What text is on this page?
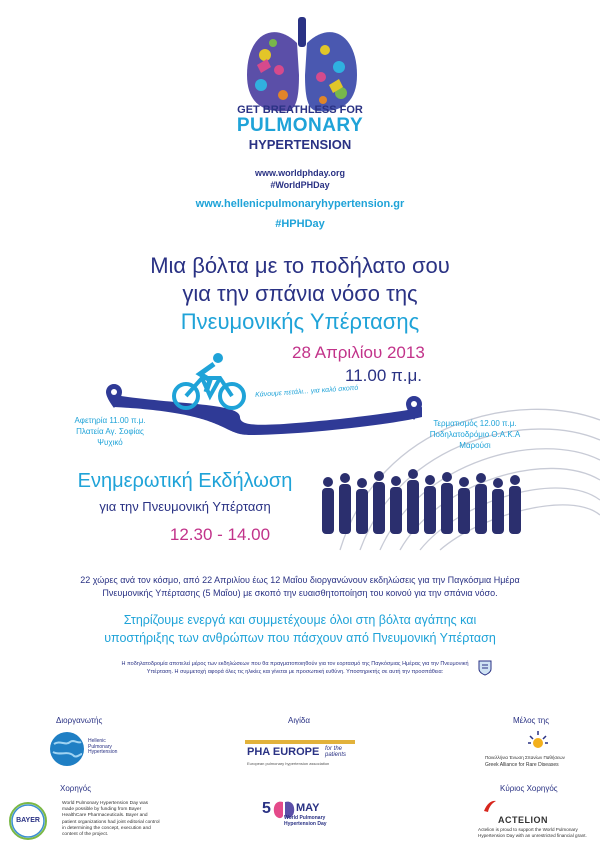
GET BREATHLESS FOR
PULMONARY
HYPERTENSION
www.worldphday.org
#WorldPHDay
www.hellenicpulmonaryhypertension.gr
#HPHDay
Μια βόλτα με το ποδήλατο σου
για την σπάνια νόσο της
Πνευμονικής Υπέρτασης
28 Απριλίου 2013
11.00 π.μ.
Κάνουμε πετάλι... για καλό σκοπό
Αφετηρία 11.00 π.μ.
Πλατεία Αγ. Σοφίας
Ψυχικό
Τερματισμός 12.00 π.μ.
Ποδηλατοδρόμιο Ο.Α.Κ.Α
Μαρούσι
Ενημερωτική Εκδήλωση
για την Πνευμονική Υπέρταση
12.30 - 14.00
22 χώρες ανά τον κόσμο, από 22 Απριλίου έως 12 Μαΐου διοργανώνουν εκδηλώσεις για την Παγκόσμια Ημέρα Πνευμονικής Υπέρτασης (5 Μαΐου) με σκοπό την ευαισθητοποίηση του κοινού για την σπάνια νόσο.
Στηρίζουμε ενεργά και συμμετέχουμε όλοι στη βόλτα αγάπης και
υποστήριξης των ανθρώπων που πάσχουν από Πνευμονική Υπέρταση
Η ποδηλατοδρομία αποτελεί μέρος των εκδηλώσεων που θα πραγματοποιηθούν για τον εορτασμό της Παγκόσμιας Ημέρας για την Πνευμονική Υπέρταση. Η συμμετοχή αφορά όλες τις ηλικίες και γίνεται με προσωπική ευθύνη. Υποστηρικτής σε αυτή την προσπάθεια:
Διοργανωτής	Αιγίδα	Μέλος της
Hellenic
Pulmonary
Hypertension	PHA EUROPE for the patients
European pulmonary hypertension association
Πανελλήνια Ένωση Σπανίων Παθήσεων
Greek Alliance for Rare Diseases
Χορηγός	Κύριος Χορηγός
BAYER
World Pulmonary Hypertension Day was made possible by funding from Bayer HealthCare Pharmaceuticals. Bayer and patient organizations had joint editorial control in determining the concept, execution and content of the project.
5 MAY
World Pulmonary
Hypertension Day	ACTELION
Actelion is proud to support the World Pulmonary Hypertension Day with an unrestricted financial grant.
